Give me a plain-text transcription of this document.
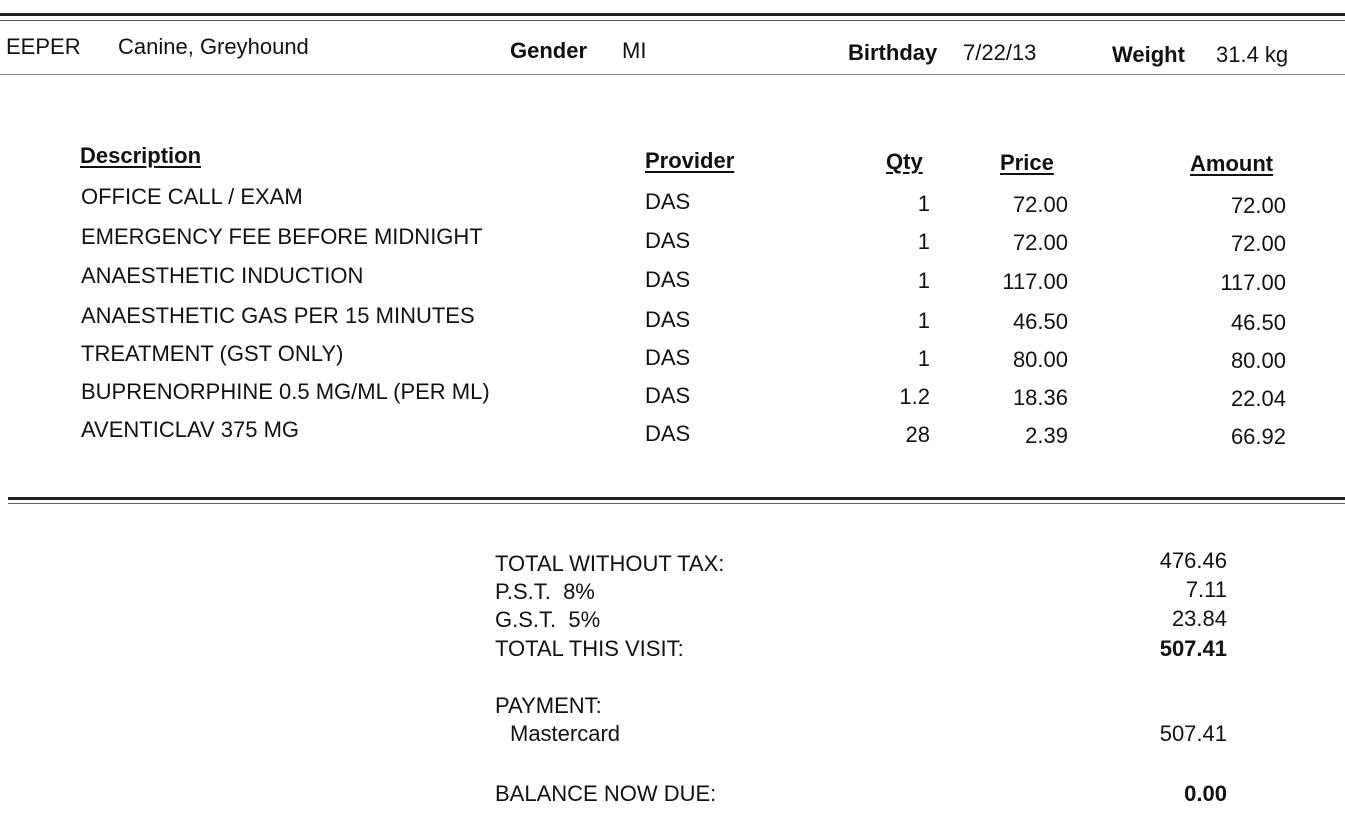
EEPER Canine, Greyhound	Gender MI	Birthday 7/22/13	Weight 31.4 kg
Description	Provider	Qty	Price	Amount
OFFICE CALL / EXAM	DAS	1	72.00	72.00
EMERGENCY FEE BEFORE MIDNIGHT	DAS	1	72.00	72.00
ANAESTHETIC INDUCTION	DAS	1	117.00	117.00
ANAESTHETIC GAS PER 15 MINUTES	DAS	1	46.50	46.50
TREATMENT (GST ONLY)	DAS	1	80.00	80.00
BUPRENORPHINE 0.5 MG/ML (PER ML)	DAS	1.2	18.36	22.04
AVENTICLAV 375 MG	DAS	28	2.39	66.92
TOTAL WITHOUT TAX:	476.46
P.S.T.  8%	7.11
G.S.T.  5%	23.84
TOTAL THIS VISIT:	507.41
PAYMENT:
Mastercard	507.41
BALANCE NOW DUE:	0.00
